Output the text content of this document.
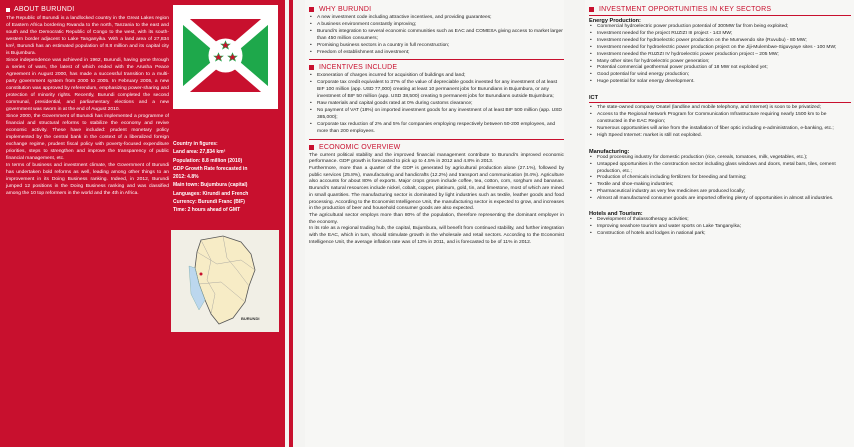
ABOUT BURUNDI

The Republic of Burundi is a landlocked country in the Great Lakes region of Eastern Africa bordering Rwanda to the north, Tanzania to the east and south and the Democratic Republic of Congo to the west, with its south-western border adjacent to Lake Tanganyika. With a land area of 27,834 km², Burundi has an estimated population of 8.8 million and its capital city is Bujumbura.

Since independence was achieved in 1962, Burundi, having gone through a series of wars, the latest of which ended with the Arusha Peace Agreement in August 2000, has made a successful transition to a multi-party government system from 2000 to 2005. In February 2005, a new constitution was approved by referendum, emphasizing power-sharing and protection of minority rights. Recently, Burundi completed the second communal, presidential, and parliamentary elections and a new government was sworn in at the end of August 2010.

Since 2000, the Government of Burundi has implemented a programme of financial and structural reforms to stabilize the economy and revive economic activity. These have included: prudent monetary policy implemented by the central bank in the context of a liberalized foreign exchange regime, prudent fiscal policy with poverty-focused expenditure priorities, steps to strengthen and improve the transparency of public financial management, etc.

In terms of business and investment climate, the Government of Burundi has undertaken bold reforms as well, leading among other things to an improvement in its Doing Business ranking. Indeed, in 2012, Burundi jumped 12 positions in the Doing Business ranking and was classified among the 10 top reformers in the world and the 4th in Africa.

Country in figures:
Land area: 27,834 km²
Population: 8.8 million (2010)
GDP Growth Rate forecasted in
2012: 4.8%
Main town: Bujumbura (capital)
Languages: Kirundi and French
Currency: Burundi Franc (BIF)
Time: 2 hours ahead of GMT
BURUNDI
WHY BURUNDI
• A new investment code including attractive incentives, and providing guarantees;
• A business environment constantly improving;
• Burundi's integration to several economic communities such as EAC and COMESA giving access to market larger than 450 million consumers;
• Promising business sectors in a country in full reconstruction;
• Freedom of establishment and investment;
INCENTIVES INCLUDE
• Exoneration of charges incurred for acquisition of buildings and land;
• Corporate tax credit equivalent to 37% of the value of depreciable goods invested for any investment of at least BIF 100 million (app. USD 77,000) creating at least 10 permanent jobs for Burundians in Bujumbura, or any investment of BIF 50 million (app. USD 38,500) creating 5 permanent jobs for Burundians outside Bujumbura;
• Raw materials and capital goods rated at 0% during customs clearance;
• No payment of VAT (18%) on imported investment goods for any investment of at least BIF 500 million (app. USD 385,000);
• Corporate tax reduction of 2% and 5% for companies employing respectively between 50-200 employees, and more than 200 employees.
ECONOMIC OVERVIEW

The current political stability and the improved financial management contribute to Burundi's improved economic performance. GDP growth is forecasted to pick up to 4.5% in 2012 and 4.8% in 2013.

Furthermore, more than a quarter of the GDP is generated by agricultural production alone (27.1%), followed by public services (25.8%), manufacturing and handicrafts (12.2%) and transport and communication (8.4%). Agriculture also accounts for about 80% of exports. Major crops grown include coffee, tea, cotton, corn, sorghum and bananas. Burundi's natural resources include nickel, cobalt, copper, platinum, gold, tin, and limestone, most of which are mined in small quantities. The manufacturing sector is dominated by light industries such as textile, leather goods and food processing. According to the Economist Intelligence Unit, the manufacturing sector is expected to grow, and increases in the production of beer and household consumer goods are also expected.

The agricultural sector employs more than 80% of the population, therefore representing the dominant employer in the economy.

In its role as a regional trading hub, the capital, Bujumbura, will benefit from continued stability, and further integration with the EAC, which in turn, should stimulate growth in the wholesale and retail sectors. According to the Economist Intelligence Unit, the average inflation rate was of 13% in 2011, and is forecasted to be of 11% in 2012.

INVESTMENT OPPORTUNITIES IN KEY SECTORS
Energy Production:
• Commercial hydroelectric power production potential of 300MW far from being exploited;
• Investment needed for the project RUZIZI III project - 143 MW;
• Investment needed for hydroelectric power production on the Mumwendo site (Ruvubu) - 80 MW;
• Investment needed for hydroelectric power production project on the Jiji-Mulembwe-Siguvyaye sites - 100 MW;
• Investment needed the RUZIZI IV hydroelectric power production project – 205 MW;
• Many other sites for hydroelectric power generation;
• Potential commercial geothermal power production of 18 MW not exploited yet;
• Good potential for wind energy production;
• Huge potential for solar energy development.
ICT
• The state-owned company Onatel (landline and mobile telephony, and Internet) is soon to be privatized;
• Access to the Regional Network Program for Communication Infrastructure requiring nearly 1500 km to be constructed in the EAC Region;
• Numerous opportunities will arise from the installation of fiber optic including e-administration, e-banking, etc.;
• High Speed Internet: market is still not exploited.
Manufacturing:
• Food processing industry for domestic production (rice, cereals, tomatoes, milk, vegetables, etc.);
• Untapped opportunities in the construction sector including glass windows and doors, metal bars, tiles, cement production, etc.;
• Production of chemicals including fertilizers for breeding and farming;
• Textile and shoe-making industries;
• Pharmaceutical industry as very few medicines are produced locally;
• Almost all manufactured consumer goods are imported offering plenty of opportunities in almost all industries.
Hotels and Tourism:
• Development of thalassotherapy activities;
• Improving seashore tourism and water sports on Lake Tanganyika;
• Construction of hotels and lodges in national park;
